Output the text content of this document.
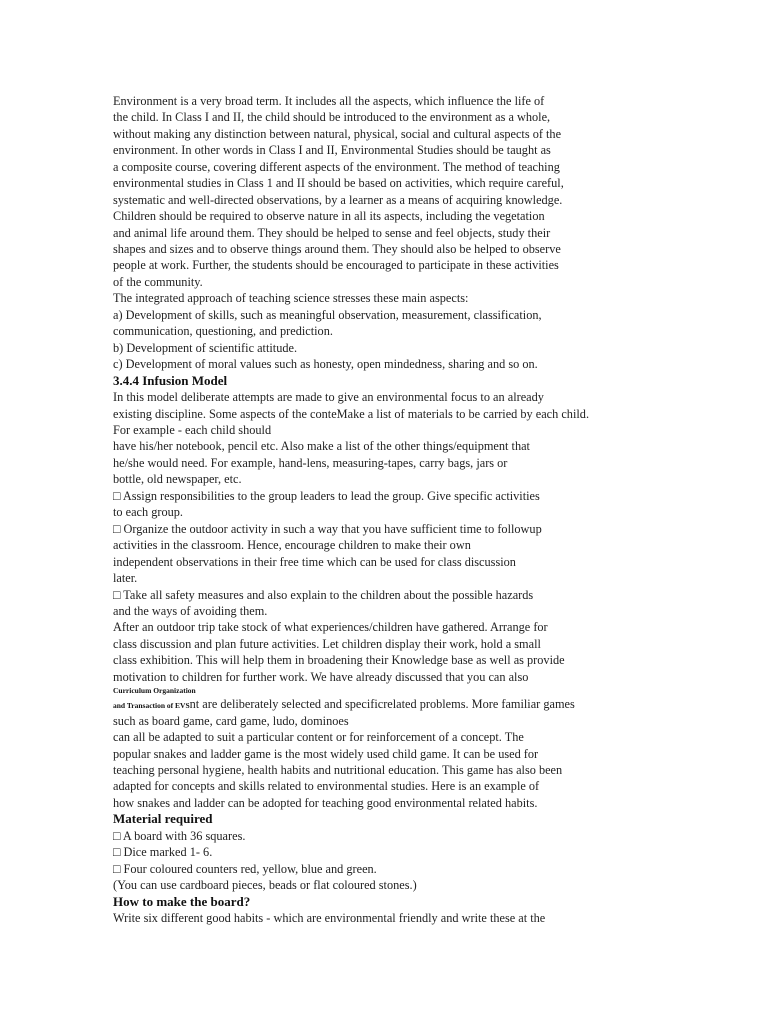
Environment is a very broad term. It includes all the aspects, which influence the life of
the child. In Class I and II, the child should be introduced to the environment as a whole,
without making any distinction between natural, physical, social and cultural aspects of the
environment. In other words in Class I and II, Environmental Studies should be taught as
a composite course, covering different aspects of the environment. The method of teaching
environmental studies in Class 1 and II should be based on activities, which require careful,
systematic and well-directed observations, by a learner as a means of acquiring knowledge.
Children should be required to observe nature in all its aspects, including the vegetation
and animal life around them. They should be helped to sense and feel objects, study their
shapes and sizes and to observe things around them. They should also be helped to observe
people at work. Further, the students should be encouraged to participate in these activities
of the community.
The integrated approach of teaching science stresses these main aspects:
a) Development of skills, such as meaningful observation, measurement, classification,
communication, questioning, and prediction.
b) Development of scientific attitude.
c) Development of moral values such as honesty, open mindedness, sharing and so on.
3.4.4 Infusion Model
In this model deliberate attempts are made to give an environmental focus to an already
existing discipline. Some aspects of the conteMake a list of materials to be carried by each child.
For example - each child should
have his/her notebook, pencil etc. Also make a list of the other things/equipment that
he/she would need. For example, hand-lens, measuring-tapes, carry bags, jars or
bottle, old newspaper, etc.
□ Assign responsibilities to the group leaders to lead the group. Give specific activities
to each group.
□ Organize the outdoor activity in such a way that you have sufficient time to followup
activities in the classroom. Hence, encourage children to make their own
independent observations in their free time which can be used for class discussion
later.
□ Take all safety measures and also explain to the children about the possible hazards
and the ways of avoiding them.
After an outdoor trip take stock of what experiences/children have gathered. Arrange for
class discussion and plan future activities. Let children display their work, hold a small
class exhibition. This will help them in broadening their Knowledge base as well as provide
motivation to children for further work. We have already discussed that you can also
Curriculum Organization
and Transaction of EVSnt are deliberately selected and specificrelated problems. More familiar games
such as board game, card game, ludo, dominoes
can all be adapted to suit a particular content or for reinforcement of a concept. The
popular snakes and ladder game is the most widely used child game. It can be used for
teaching personal hygiene, health habits and nutritional education. This game has also been
adapted for concepts and skills related to environmental studies. Here is an example of
how snakes and ladder can be adopted for teaching good environmental related habits.
Material required
□ A board with 36 squares.
□ Dice marked 1- 6.
□ Four coloured counters red, yellow, blue and green.
(You can use cardboard pieces, beads or flat coloured stones.)
How to make the board?
Write six different good habits - which are environmental friendly and write these at the
